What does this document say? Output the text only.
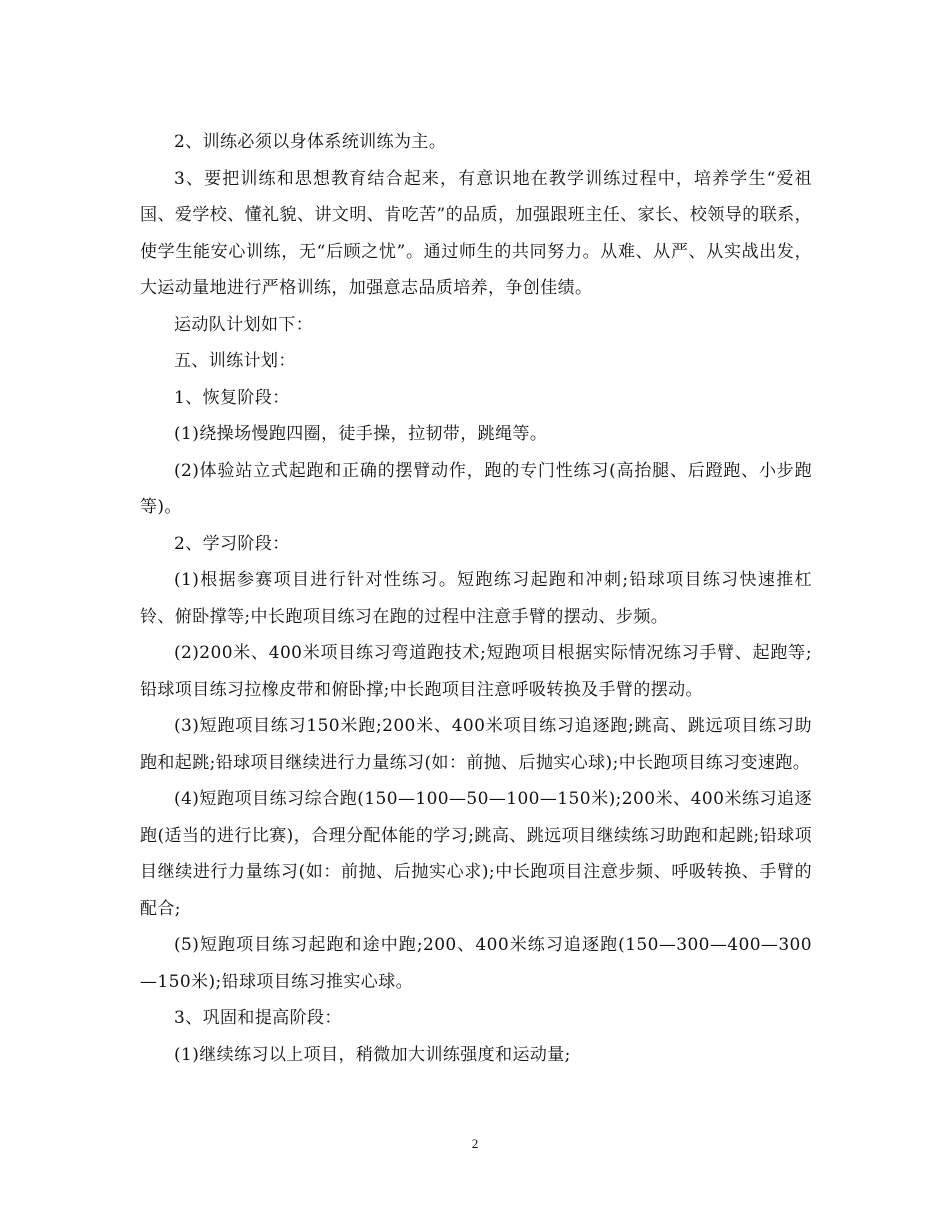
2、训练必须以身体系统训练为主。

3、要把训练和思想教育结合起来，有意识地在教学训练过程中，培养学生“爱祖国、爱学校、懂礼貌、讲文明、肯吃苦”的品质，加强跟班主任、家长、校领导的联系，使学生能安心训练，无“后顾之忧”。通过师生的共同努力。从难、从严、从实战出发，大运动量地进行严格训练，加强意志品质培养，争创佳绩。

运动队计划如下：

五、训练计划：

1、恢复阶段：

(1)绕操场慢跑四圈，徒手操，拉韧带，跳绳等。

(2)体验站立式起跑和正确的摆臂动作，跑的专门性练习(高抬腿、后蹬跑、小步跑等)。

2、学习阶段：

(1)根据参赛项目进行针对性练习。短跑练习起跑和冲刺;铅球项目练习快速推杠铃、俯卧撑等;中长跑项目练习在跑的过程中注意手臂的摆动、步频。

(2)200米、400米项目练习弯道跑技术;短跑项目根据实际情况练习手臂、起跑等;铅球项目练习拉橡皮带和俯卧撑;中长跑项目注意呼吸转换及手臂的摆动。

(3)短跑项目练习150米跑;200米、400米项目练习追逐跑;跳高、跳远项目练习助跑和起跳;铅球项目继续进行力量练习(如：前抛、后抛实心球);中长跑项目练习变速跑。

(4)短跑项目练习综合跑(150—100—50—100—150米);200米、400米练习追逐跑(适当的进行比赛)，合理分配体能的学习;跳高、跳远项目继续练习助跑和起跳;铅球项目继续进行力量练习(如：前抛、后抛实心求);中长跑项目注意步频、呼吸转换、手臂的配合;

(5)短跑项目练习起跑和途中跑;200、400米练习追逐跑(150—300—400—300—150米);铅球项目练习推实心球。

3、巩固和提高阶段：

(1)继续练习以上项目，稍微加大训练强度和运动量;

2
